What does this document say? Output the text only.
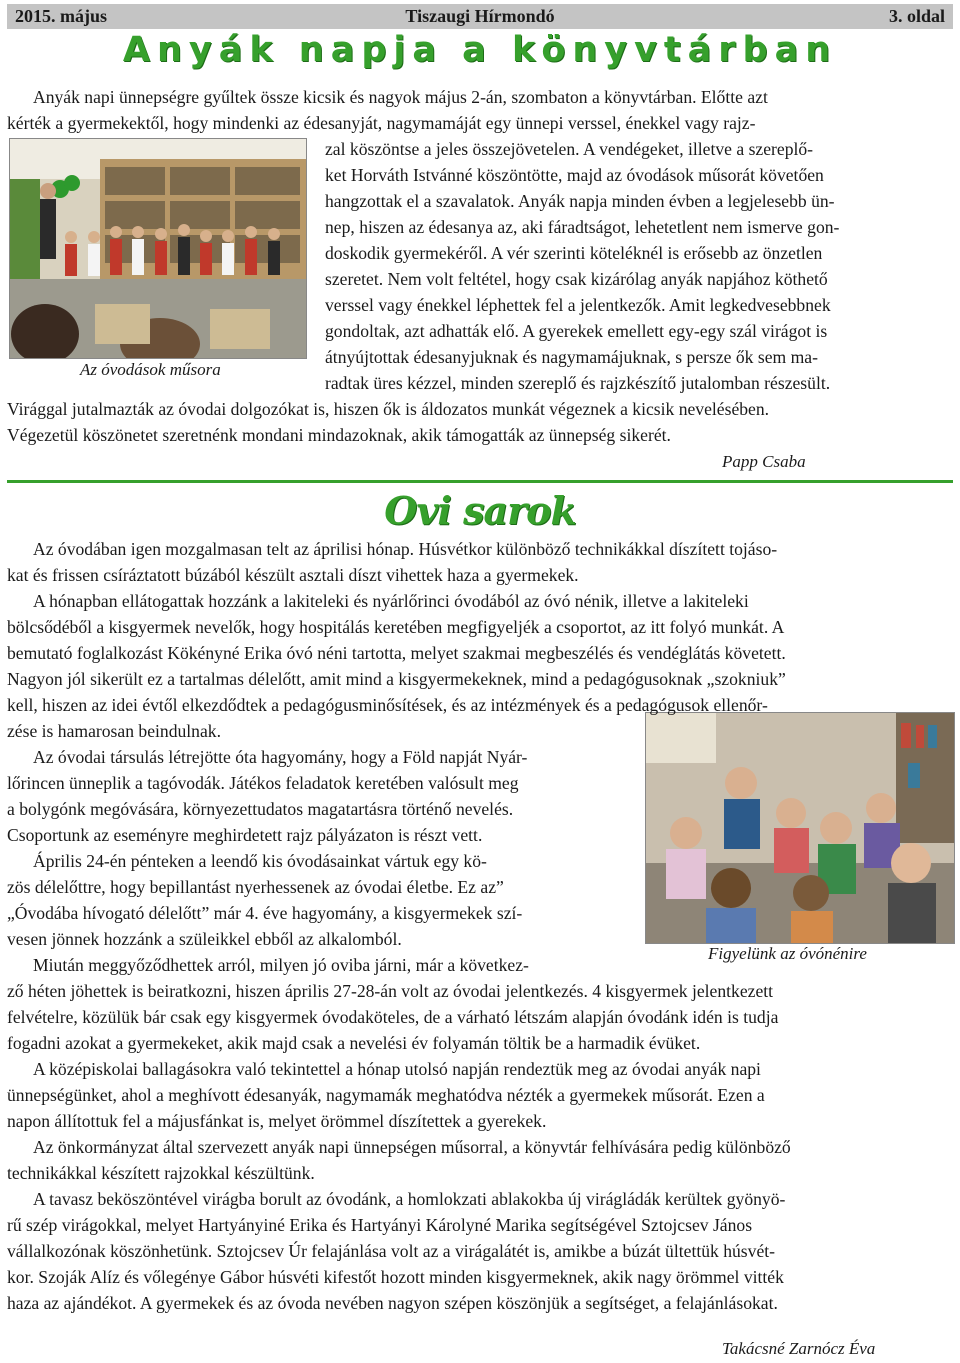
2015. május	Tiszaugi Hírmondó	3. oldal
Anyák napja a könyvtárban
Az óvodások műsora
Anyák napi ünnepségre gyűltek össze kicsik és nagyok május 2-án, szombaton a könyvtárban. Előtte azt
kérték a gyermekektől, hogy mindenki az édesanyját, nagymamáját egy ünnepi verssel, énekkel vagy rajz-
zal köszöntse a jeles összejövetelen. A vendégeket, illetve a szereplő-
ket Horváth Istvánné köszöntötte, majd az óvodások műsorát követően
hangzottak el a szavalatok. Anyák napja minden évben a legjelesebb ün-
nep, hiszen az édesanya az, aki fáradtságot, lehetetlent nem ismerve gon-
doskodik gyermekéről. A vér szerinti köteléknél is erősebb az önzetlen
szeretet. Nem volt feltétel, hogy csak kizárólag anyák napjához köthető
verssel vagy énekkel léphettek fel a jelentkezők. Amit legkedvesebbnek
gondoltak, azt adhatták elő. A gyerekek emellett egy-egy szál virágot is
átnyújtottak édesanyjuknak és nagymamájuknak, s persze ők sem ma-
radtak üres kézzel, minden szereplő és rajzkészítő jutalomban részesült.
Virággal jutalmazták az óvodai dolgozókat is, hiszen ők is áldozatos munkát végeznek a kicsik nevelésében.
Végezetül köszönetet szeretnénk mondani mindazoknak, akik támogatták az ünnepség sikerét.
Papp Csaba
Ovi sarok
Figyelünk az óvónénire
Az óvodában igen mozgalmasan telt az áprilisi hónap. Húsvétkor különböző technikákkal díszített tojáso-
kat és frissen csíráztatott búzából készült asztali díszt vihettek haza a gyermekek.
A hónapban ellátogattak hozzánk a lakiteleki és nyárlőrinci óvodából az óvó nénik, illetve a lakiteleki
bölcsődéből a kisgyermek nevelők, hogy hospitálás keretében megfigyeljék a csoportot, az itt folyó munkát. A
bemutató foglalkozást Kökényné Erika óvó néni tartotta, melyet szakmai megbeszélés és vendéglátás követett.
Nagyon jól sikerült ez a tartalmas délelőtt, amit mind a kisgyermekeknek, mind a pedagógusoknak „szokniuk”
kell, hiszen az idei évtől elkezdődtek a pedagógusminősítések, és az intézmények és a pedagógusok ellenőr-
zése is hamarosan beindulnak.
Az óvodai társulás létrejötte óta hagyomány, hogy a Föld napját Nyár-
lőrincen ünneplik a tagóvodák. Játékos feladatok keretében valósult meg
a bolygónk megóvására, környezettudatos magatartásra történő nevelés.
Csoportunk az eseményre meghirdetett rajz pályázaton is részt vett.
Április 24-én pénteken a leendő kis óvodásainkat vártuk egy kö-
zös délelőttre, hogy bepillantást nyerhessenek az óvodai életbe. Ez az”
„Óvodába hívogató délelőtt” már 4. éve hagyomány, a kisgyermekek szí-
vesen jönnek hozzánk a szüleikkel ebből az alkalomból.
Miután meggyőződhettek arról, milyen jó oviba járni, már a következ-
ző héten jöhettek is beiratkozni, hiszen április 27-28-án volt az óvodai jelentkezés. 4 kisgyermek jelentkezett
felvételre, közülük bár csak egy kisgyermek óvodaköteles, de a várható létszám alapján óvodánk idén is tudja
fogadni azokat a gyermekeket, akik majd csak a nevelési év folyamán töltik be a harmadik évüket.
A középiskolai ballagásokra való tekintettel a hónap utolsó napján rendeztük meg az óvodai anyák napi
ünnepségünket, ahol a meghívott édesanyák, nagymamák meghatódva nézték a gyermekek műsorát. Ezen a
napon állítottuk fel a májusfánkat is, melyet örömmel díszítettek a gyerekek.
Az önkormányzat által szervezett anyák napi ünnepségen műsorral, a könyvtár felhívására pedig különböző
technikákkal készített rajzokkal készültünk.
A tavasz beköszöntével virágba borult az óvodánk, a homlokzati ablakokba új virágládák kerültek gyönyö-
rű szép virágokkal, melyet Hartyányiné Erika és Hartyányi Károlyné Marika segítségével Sztojcsev János
vállalkozónak köszönhetünk. Sztojcsev Úr felajánlása volt az a virágalátét is, amikbe a búzát ültettük húsvét-
kor. Szoják Alíz és vőlegénye Gábor húsvéti kifestőt hozott minden kisgyermeknek, akik nagy örömmel vitték
haza az ajándékot. A gyermekek és az óvoda nevében nagyon szépen köszönjük a segítséget, a felajánlásokat.
Takácsné Zarnócz Éva
